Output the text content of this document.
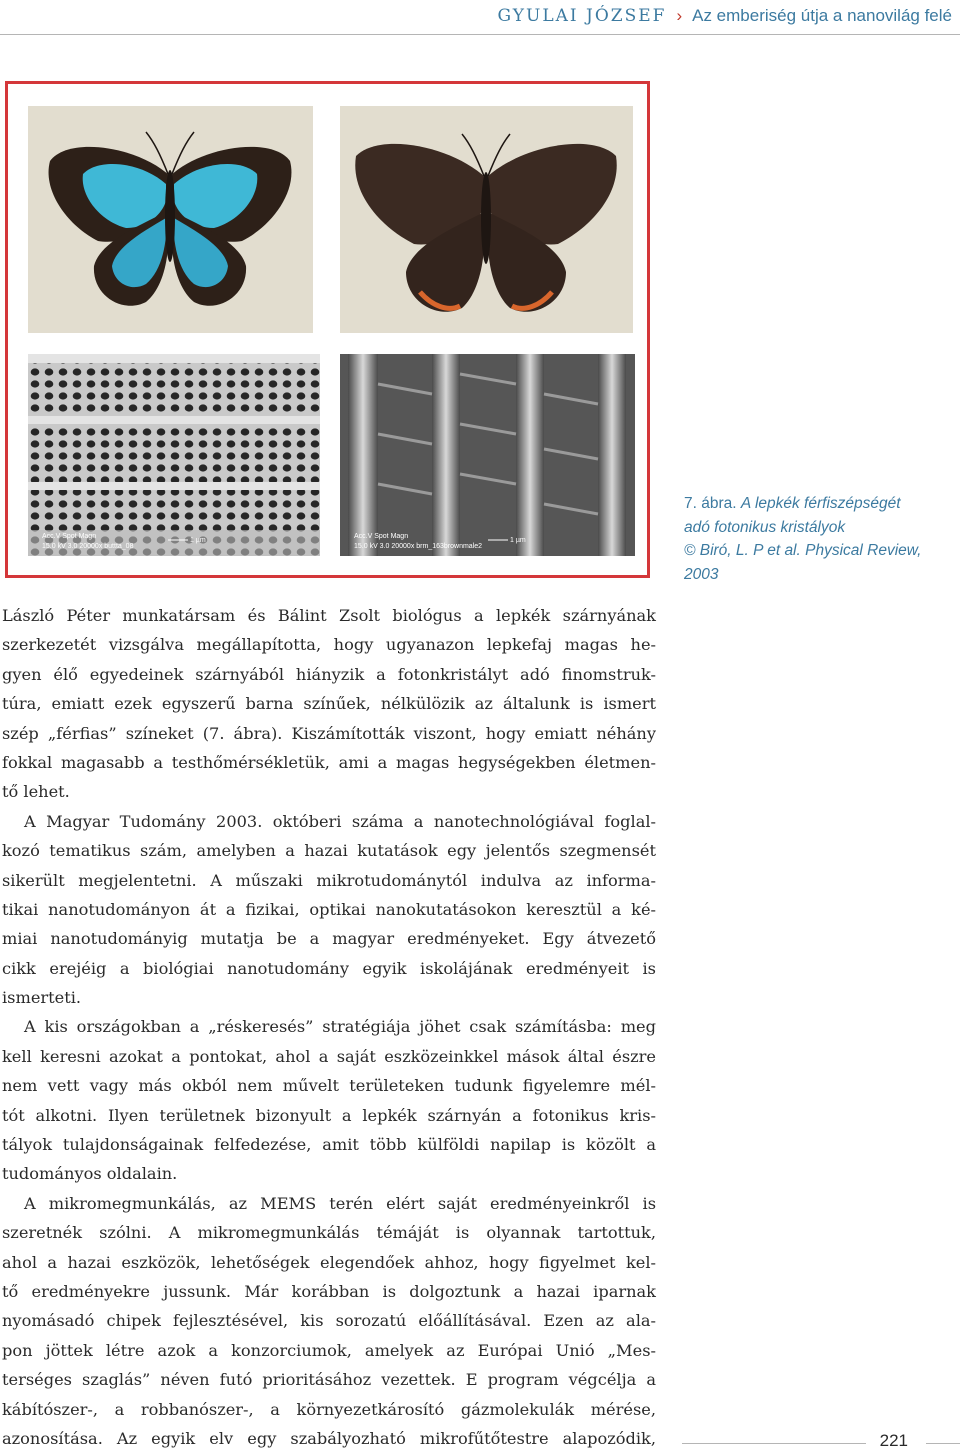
GYULAI JÓZSEF › Az emberiség útja a nanovilág felé
Acc.V Spot Magn
15.0 kV 3.0 20000x buttta_08
1 µm
Acc.V Spot Magn
15.0 kV 3.0 20000x brm_163brownmale2
1 µm
7. ábra. A lepkék férfiszépségét
adó fotonikus kristályok
© Biró, L. P et al. Physical Review,
2003
László Péter munkatársam és Bálint Zsolt biológus a lepkék szárnyának
szerkezetét vizsgálva megállapította, hogy ugyanazon lepkefaj magas he-
gyen élő egyedeinek szárnyából hiányzik a fotonkristályt adó finomstruk-
túra, emiatt ezek egyszerű barna színűek, nélkülözik az általunk is ismert
szép „férfias” színeket (7. ábra). Kiszámították viszont, hogy emiatt néhány
fokkal magasabb a testhőmérsékletük, ami a magas hegységekben életmen-
tő lehet.
A Magyar Tudomány 2003. októberi száma a nanotechnológiával foglal-
kozó tematikus szám, amelyben a hazai kutatások egy jelentős szegmensét
sikerült megjelentetni. A műszaki mikrotudománytól indulva az informa-
tikai nanotudományon át a fizikai, optikai nanokutatásokon keresztül a ké-
miai nanotudományig mutatja be a magyar eredményeket. Egy átvezető
cikk erejéig a biológiai nanotudomány egyik iskolájának eredményeit is
ismerteti.
A kis országokban a „réskeresés” stratégiája jöhet csak számításba: meg
kell keresni azokat a pontokat, ahol a saját eszközeinkkel mások által észre
nem vett vagy más okból nem művelt területeken tudunk figyelemre mél-
tót alkotni. Ilyen területnek bizonyult a lepkék szárnyán a fotonikus kris-
tályok tulajdonságainak felfedezése, amit több külföldi napilap is közölt a
tudományos oldalain.
A mikromegmunkálás, az MEMS terén elért saját eredményeinkről is
szeretnék szólni. A mikromegmunkálás témáját is olyannak tartottuk,
ahol a hazai eszközök, lehetőségek elegendőek ahhoz, hogy figyelmet kel-
tő eredményekre jussunk. Már korábban is dolgoztunk a hazai iparnak
nyomásadó chipek fejlesztésével, kis sorozatú előállításával. Ezen az ala-
pon jöttek létre azok a konzorciumok, amelyek az Európai Unió „Mes-
terséges szaglás” néven futó prioritásához vezettek. E program végcélja a
kábítószer-, a robbanószer-, a környezetkárosító gázmolekulák mérése,
azonosítása. Az egyik elv egy szabályozható mikrofűtőtestre alapozódik,	221
